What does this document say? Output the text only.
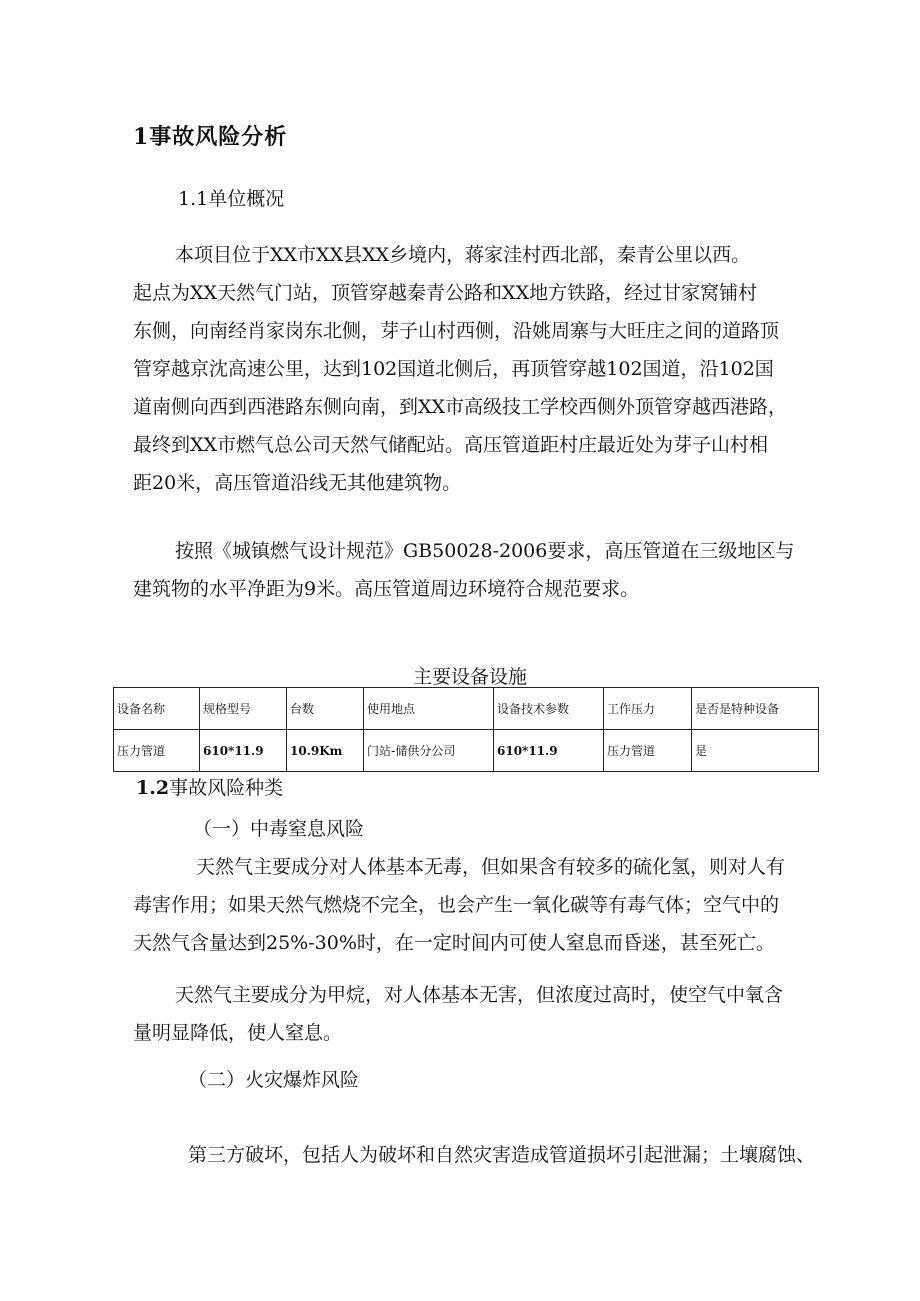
1事故风险分析
1.1单位概况
本项目位于XX市XX县XX乡境内，蒋家洼村西北部，秦青公里以西。
起点为XX天然气门站，顶管穿越秦青公路和XX地方铁路，经过甘家窝铺村
东侧，向南经肖家岗东北侧，芽子山村西侧，沿姚周寨与大旺庄之间的道路顶
管穿越京沈高速公里，达到102国道北侧后，再顶管穿越102国道，沿102国
道南侧向西到西港路东侧向南，到XX市高级技工学校西侧外顶管穿越西港路，
最终到XX市燃气总公司天然气储配站。高压管道距村庄最近处为芽子山村相
距20米，高压管道沿线无其他建筑物。
按照《城镇燃气设计规范》GB50028-2006要求，高压管道在三级地区与
建筑物的水平净距为9米。高压管道周边环境符合规范要求。
主要设备设施
设备名称	规格型号	台数	使用地点	设备技术参数	工作压力	是否是特种设备
压力管道	610*11.9	10.9Km	门站-储供分公司	610*11.9	压力管道	是
1.2事故风险种类
（一）中毒窒息风险
天然气主要成分对人体基本无毒，但如果含有较多的硫化氢，则对人有
毒害作用；如果天然气燃烧不完全，也会产生一氧化碳等有毒气体；空气中的
天然气含量达到25%-30%时，在一定时间内可使人窒息而昏迷，甚至死亡。
天然气主要成分为甲烷，对人体基本无害，但浓度过高时，使空气中氧含
量明显降低，使人窒息。
（二）火灾爆炸风险
第三方破坏，包括人为破坏和自然灾害造成管道损坏引起泄漏；土壤腐蚀、
